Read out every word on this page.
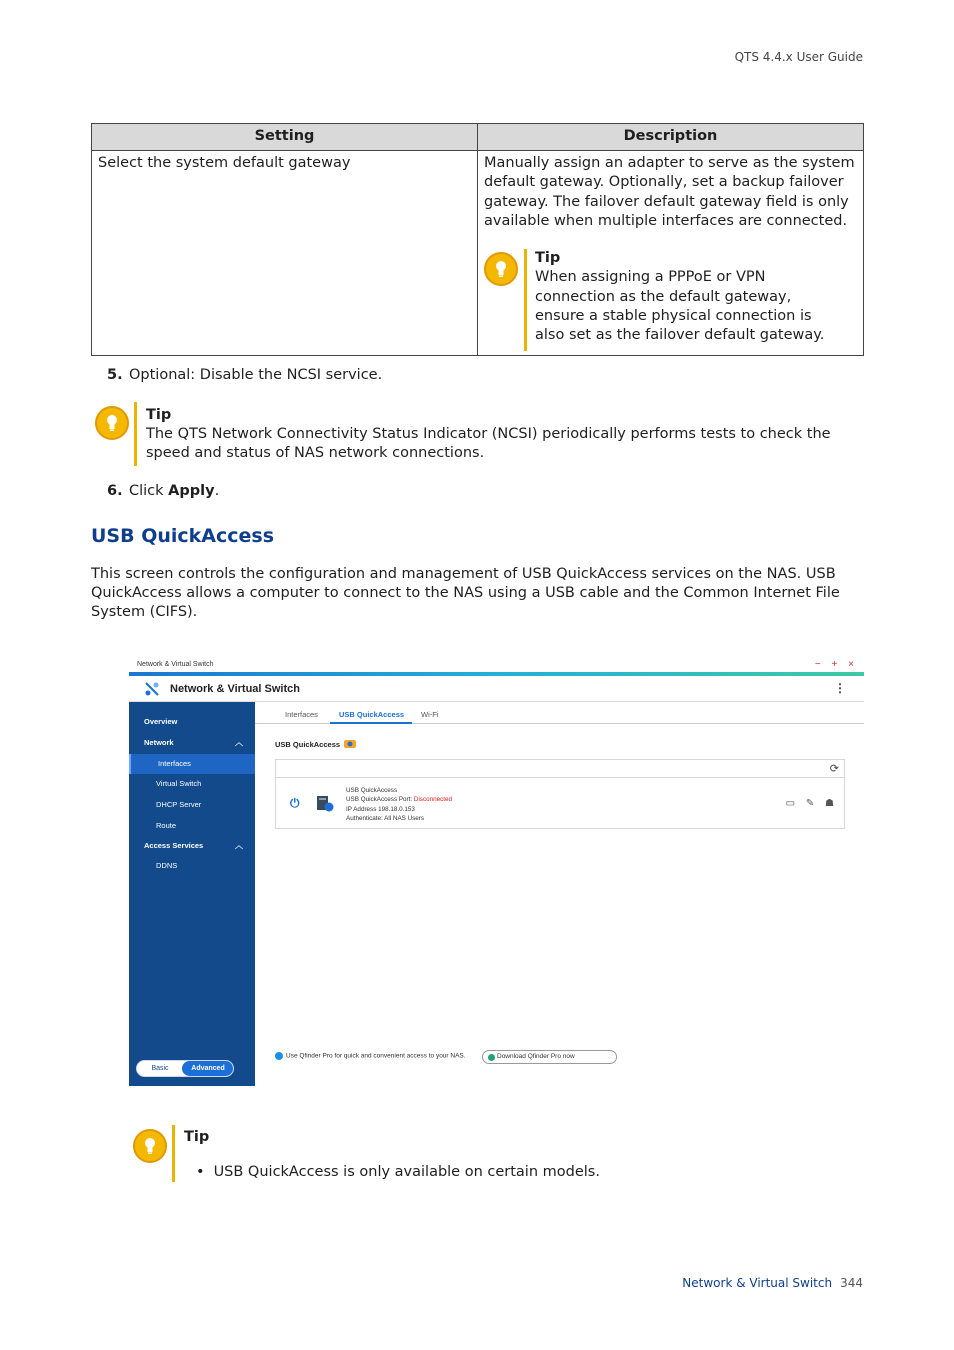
QTS 4.4.x User Guide
Setting	Description
Select the system default gateway	Manually assign an adapter to serve as the system default gateway. Optionally, set a backup failover gateway. The failover default gateway field is only available when multiple interfaces are connected.

Tip
When assigning a PPPoE or VPN connection as the default gateway, ensure a stable physical connection is also set as the failover default gateway.
5. Optional: Disable the NCSI service.
Tip
The QTS Network Connectivity Status Indicator (NCSI) periodically performs tests to check the speed and status of NAS network connections.
6. Click Apply.
USB QuickAccess
This screen controls the configuration and management of USB QuickAccess services on the NAS. USB QuickAccess allows a computer to connect to the NAS using a USB cable and the Common Internet File System (CIFS).
Network & Virtual Switch	− + ×
Network & Virtual Switch	⋮
Overview
Network	︿
Interfaces
Virtual Switch
DHCP Server
Route
Access Services	︿
DDNS
Basic	Advanced
Interfaces	USB QuickAccess Wi-Fi
USB QuickAccess
⟳
⏻
USB QuickAccess
USB QuickAccess Port: Disconnected
IP Address 198.18.0.153
Authenticate: All NAS Users
▭ ✎ ☗
Use Qfinder Pro for quick and convenient access to your NAS.	Download Qfinder Pro now
Tip
• USB QuickAccess is only available on certain models.
Network & Virtual Switch 344
